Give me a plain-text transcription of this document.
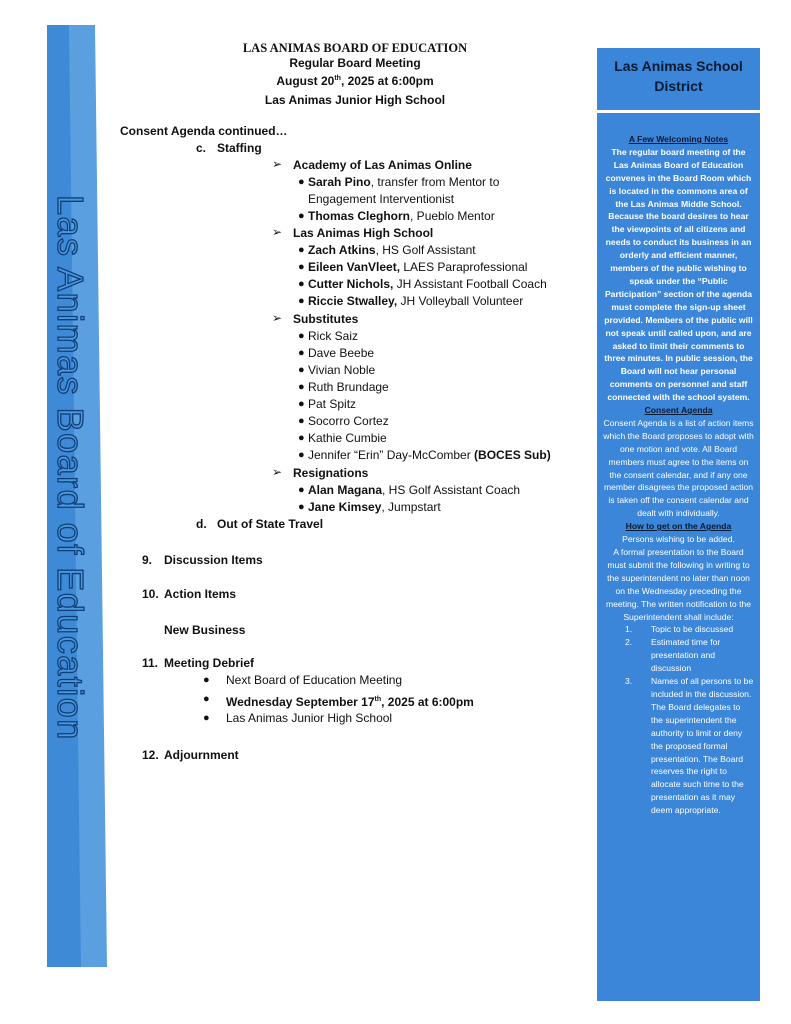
Las Animas Board of Education

LAS ANIMAS BOARD OF EDUCATION

Regular Board Meeting

August 20th, 2025 at 6:00pm

Las Animas Junior High School

Consent Agenda continued…
c. Staffing
➢ Academy of Las Animas Online
● Sarah Pino, transfer from Mentor to
Engagement Interventionist
● Thomas Cleghorn, Pueblo Mentor
➢ Las Animas High School
● Zach Atkins, HS Golf Assistant
● Eileen VanVleet, LAES Paraprofessional
● Cutter Nichols, JH Assistant Football Coach
● Riccie Stwalley, JH Volleyball Volunteer
➢ Substitutes
● Rick Saiz
● Dave Beebe
● Vivian Noble
● Ruth Brundage
● Pat Spitz
● Socorro Cortez
● Kathie Cumbie
● Jennifer “Erin” Day-McComber (BOCES Sub)
➢ Resignations
● Alan Magana, HS Golf Assistant Coach
● Jane Kimsey, Jumpstart
d. Out of State Travel
9. Discussion Items
10. Action Items
New Business
11. Meeting Debrief
● Next Board of Education Meeting
● Wednesday September 17th, 2025 at 6:00pm
● Las Animas Junior High School
12. Adjournment
Las Animas School District
A Few Welcoming Notes
The regular board meeting of the Las Animas Board of Education convenes in the Board Room which is located in the commons area of the Las Animas Middle School. Because the board desires to hear the viewpoints of all citizens and needs to conduct its business in an orderly and efficient manner, members of the public wishing to speak under the “Public Participation” section of the agenda must complete the sign-up sheet provided. Members of the public will not speak until called upon, and are asked to limit their comments to three minutes. In public session, the Board will not hear personal comments on personnel and staff connected with the school system.
Consent Agenda
Consent Agenda is a list of action items which the Board proposes to adopt with one motion and vote. All Board members must agree to the items on the consent calendar, and if any one member disagrees the proposed action is taken off the consent calendar and dealt with individually.
How to get on the Agenda
Persons wishing to be added.
A formal presentation to the Board must submit the following in writing to the superintendent no later than noon on the Wednesday preceding the meeting. The written notification to the Superintendent shall include:
1. Topic to be discussed
2. Estimated time for presentation and discussion
3. Names of all persons to be included in the discussion. The Board delegates to the superintendent the authority to limit or deny the proposed formal presentation. The Board reserves the right to allocate such time to the presentation as it may deem appropriate.
